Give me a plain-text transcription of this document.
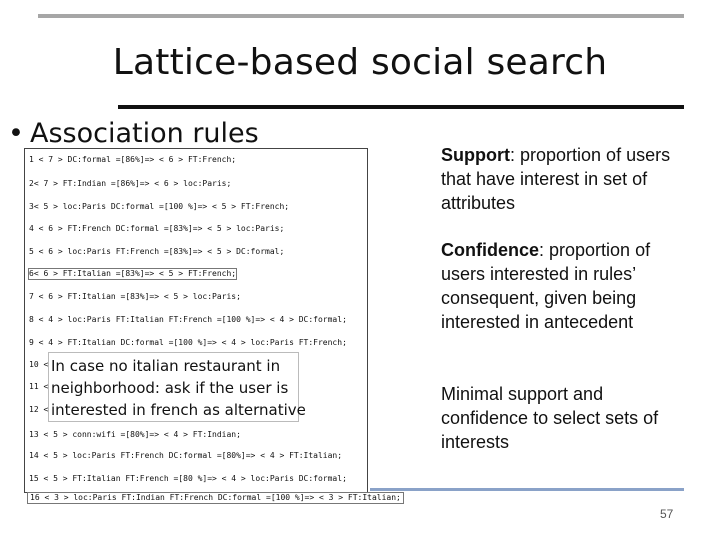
Lattice-based social search
• Association rules
1 < 7 > DC:formal =[86%]=> < 6 > FT:French;
2< 7 > FT:Indian =[86%]=> < 6 > loc:Paris;
3< 5 > loc:Paris DC:formal =[100 %]=> < 5 > FT:French;
4 < 6 > FT:French DC:formal =[83%]=> < 5 > loc:Paris;
5 < 6 > loc:Paris FT:French =[83%]=> < 5 > DC:formal;
6< 6 > FT:Italian =[83%]=> < 5 > FT:French;
7 < 6 > FT:Italian =[83%]=> < 5 > loc:Paris;
8 < 4 > loc:Paris FT:Italian FT:French =[100 %]=> < 4 > DC:formal;
9 < 4 > FT:Italian DC:formal =[100 %]=> < 4 > loc:Paris FT:French;
10 <
11 <
12 <
13 < 5 > conn:wifi =[80%]=> < 4 > FT:Indian;
14 < 5 > loc:Paris FT:French DC:formal =[80%]=> < 4 > FT:Italian;
15 < 5 > FT:Italian FT:French =[80 %]=> < 4 > loc:Paris DC:formal;
16 < 3 > loc:Paris FT:Indian FT:French DC:formal =[100 %]=> < 3 > FT:Italian;
In case no italian restaurant in
neighborhood: ask if the user is
interested in french as alternative
Support: proportion of users
that have interest in set of
attributes
Confidence: proportion of
users interested in rules’
consequent, given being
interested in antecedent
Minimal support and
confidence to select sets of
interests
57
